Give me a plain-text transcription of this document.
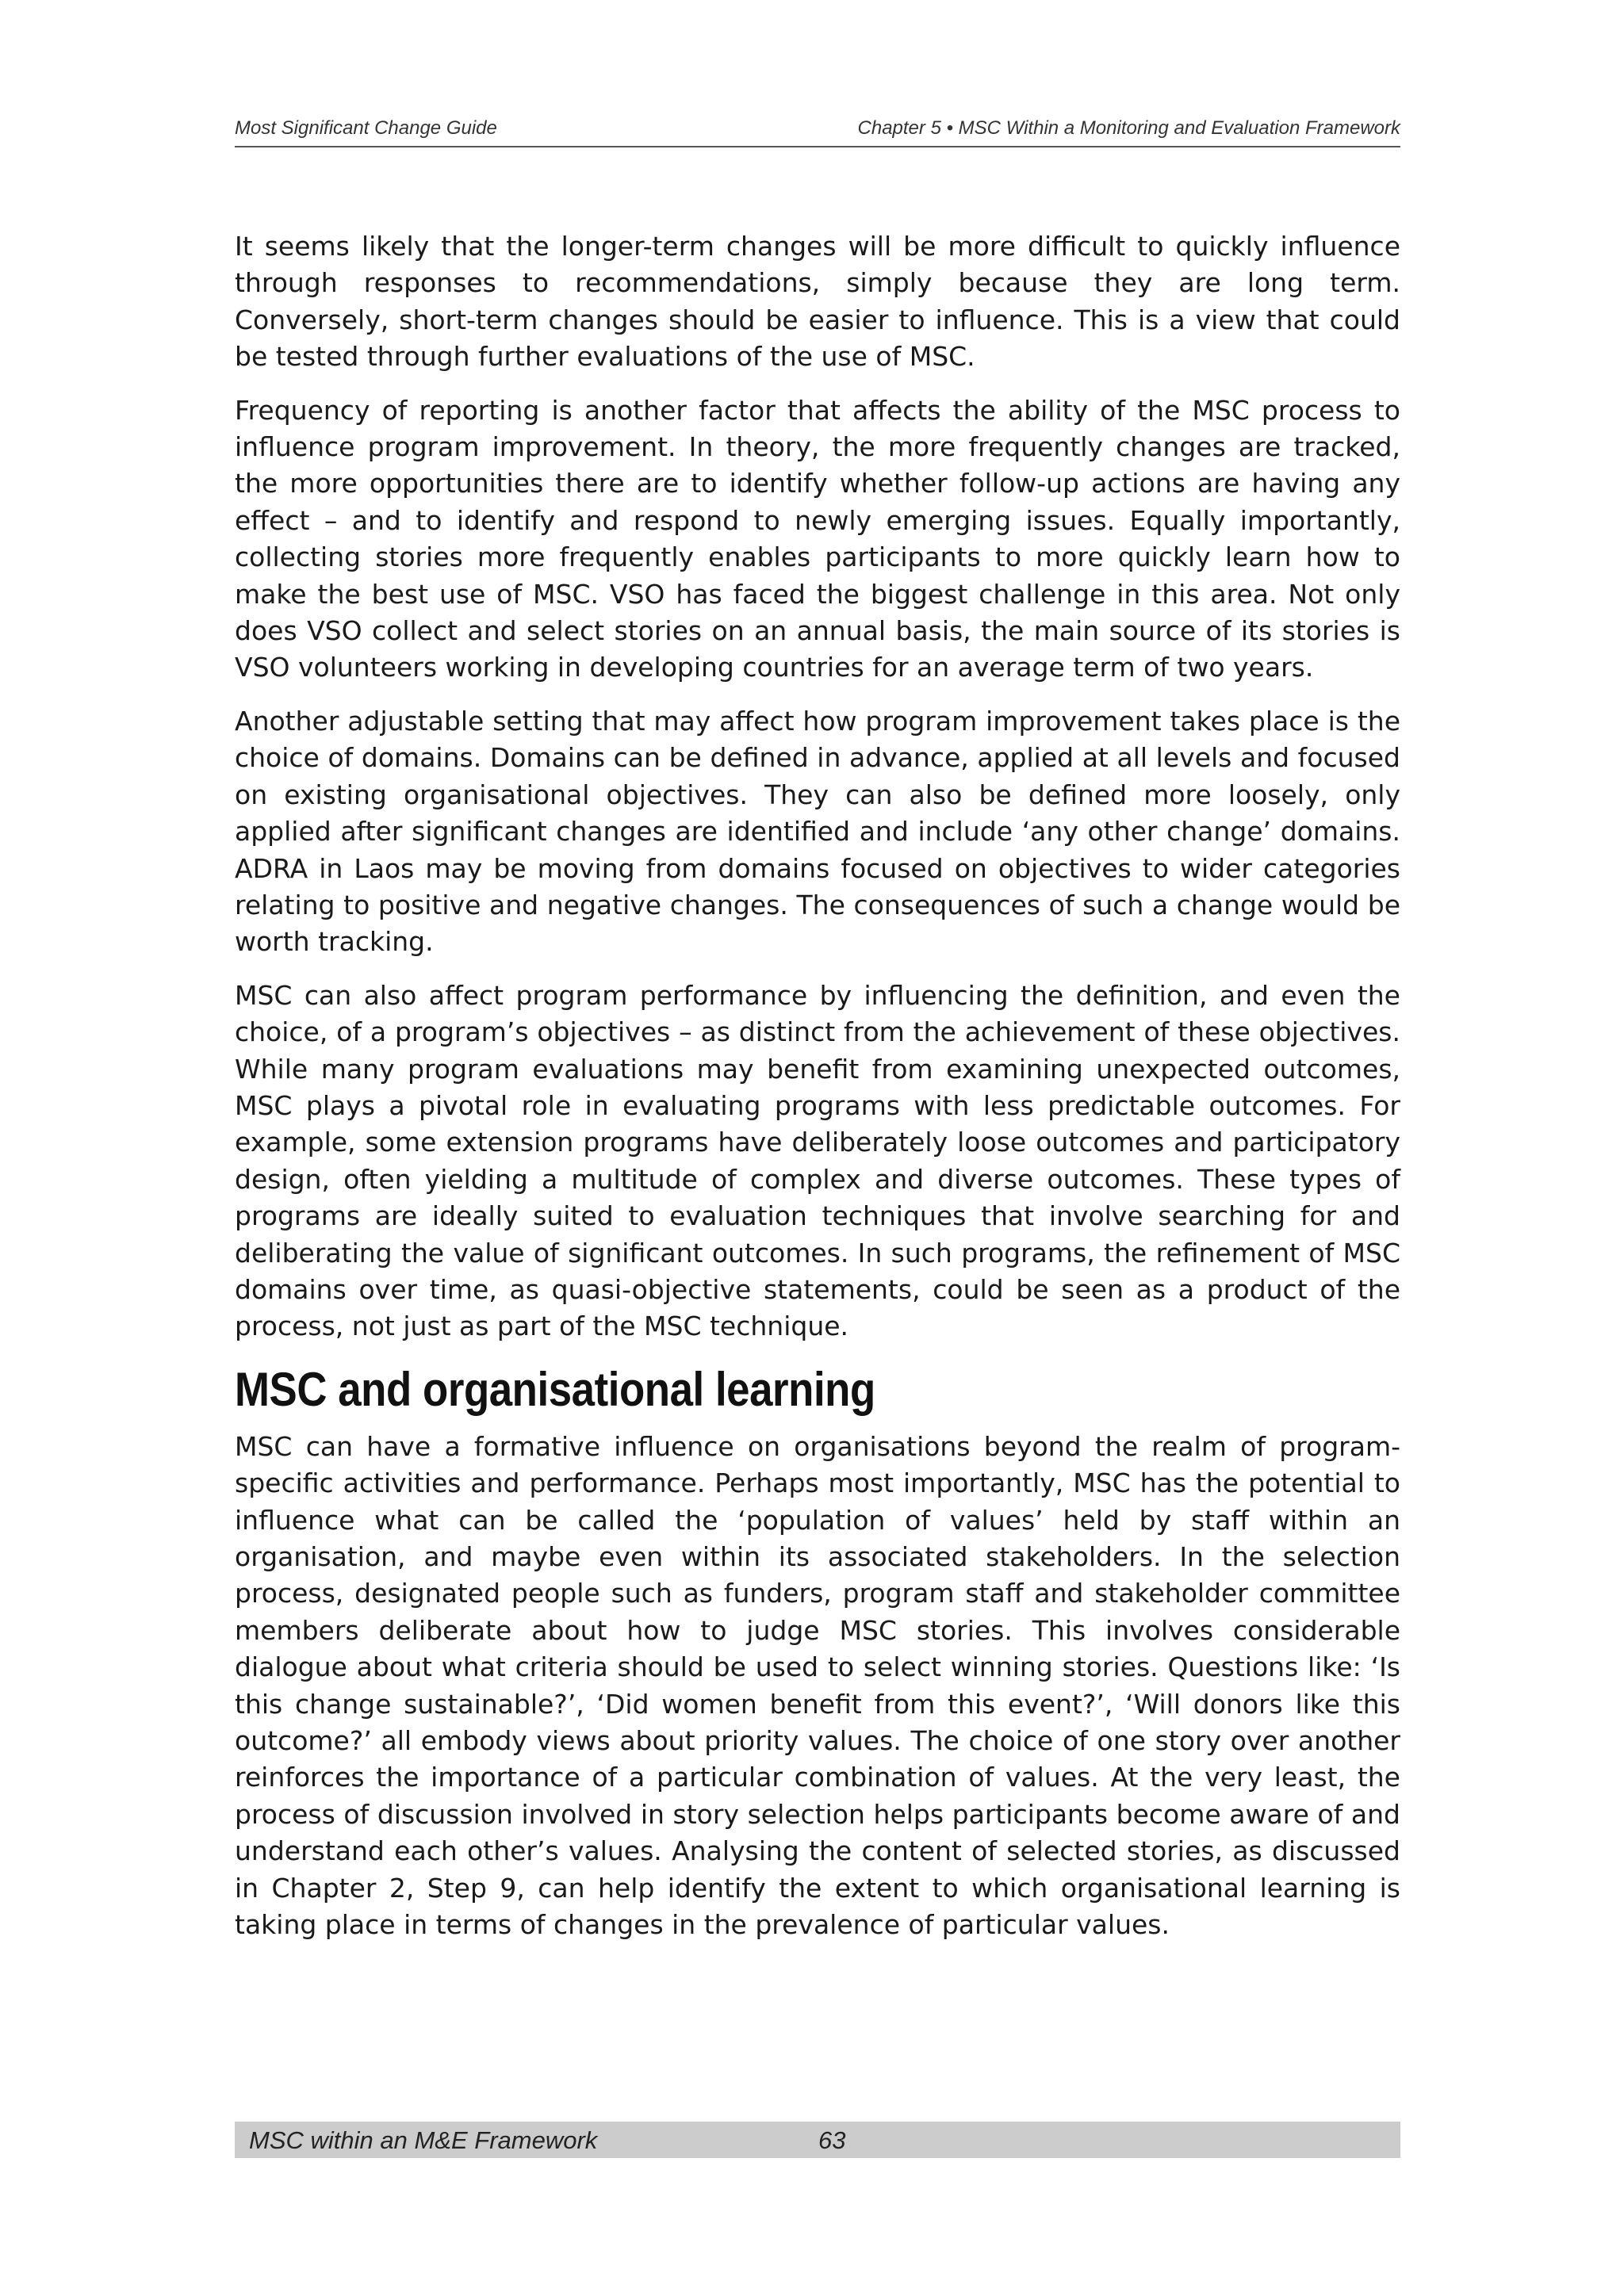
Most Significant Change Guide	Chapter 5 • MSC Within a Monitoring and Evaluation Framework

It seems likely that the longer-term changes will be more difficult to quickly influence through responses to recommendations, simply because they are long term. Conversely, short-term changes should be easier to influence. This is a view that could be tested through further evaluations of the use of MSC.

Frequency of reporting is another factor that affects the ability of the MSC process to influence program improvement. In theory, the more frequently changes are tracked, the more opportunities there are to identify whether follow-up actions are having any effect – and to identify and respond to newly emerging issues. Equally importantly, collecting stories more frequently enables participants to more quickly learn how to make the best use of MSC. VSO has faced the biggest challenge in this area. Not only does VSO collect and select stories on an annual basis, the main source of its stories is VSO volunteers working in developing countries for an average term of two years.

Another adjustable setting that may affect how program improvement takes place is the choice of domains. Domains can be defined in advance, applied at all levels and focused on existing organisational objectives. They can also be defined more loosely, only applied after significant changes are identified and include ‘any other change’ domains. ADRA in Laos may be moving from domains focused on objectives to wider categories relating to positive and negative changes. The consequences of such a change would be worth tracking.

MSC can also affect program performance by influencing the definition, and even the choice, of a program’s objectives – as distinct from the achievement of these objectives. While many program evaluations may benefit from examining unexpected outcomes, MSC plays a pivotal role in evaluating programs with less predictable outcomes. For example, some extension programs have deliberately loose outcomes and participatory design, often yielding a multitude of complex and diverse outcomes. These types of programs are ideally suited to evaluation techniques that involve searching for and deliberating the value of significant outcomes. In such programs, the refinement of MSC domains over time, as quasi-objective statements, could be seen as a product of the process, not just as part of the MSC technique.

MSC and organisational learning

MSC can have a formative influence on organisations beyond the realm of program-specific activities and performance. Perhaps most importantly, MSC has the potential to influence what can be called the ‘population of values’ held by staff within an organisation, and maybe even within its associated stakeholders. In the selection process, designated people such as funders, program staff and stakeholder committee members deliberate about how to judge MSC stories. This involves considerable dialogue about what criteria should be used to select winning stories. Questions like: ‘Is this change sustainable?’, ‘Did women benefit from this event?’, ‘Will donors like this outcome?’ all embody views about priority values. The choice of one story over another reinforces the importance of a particular combination of values. At the very least, the process of discussion involved in story selection helps participants become aware of and understand each other’s values. Analysing the content of selected stories, as discussed in Chapter 2, Step 9, can help identify the extent to which organisational learning is taking place in terms of changes in the prevalence of particular values.

MSC within an M&E Framework	63
